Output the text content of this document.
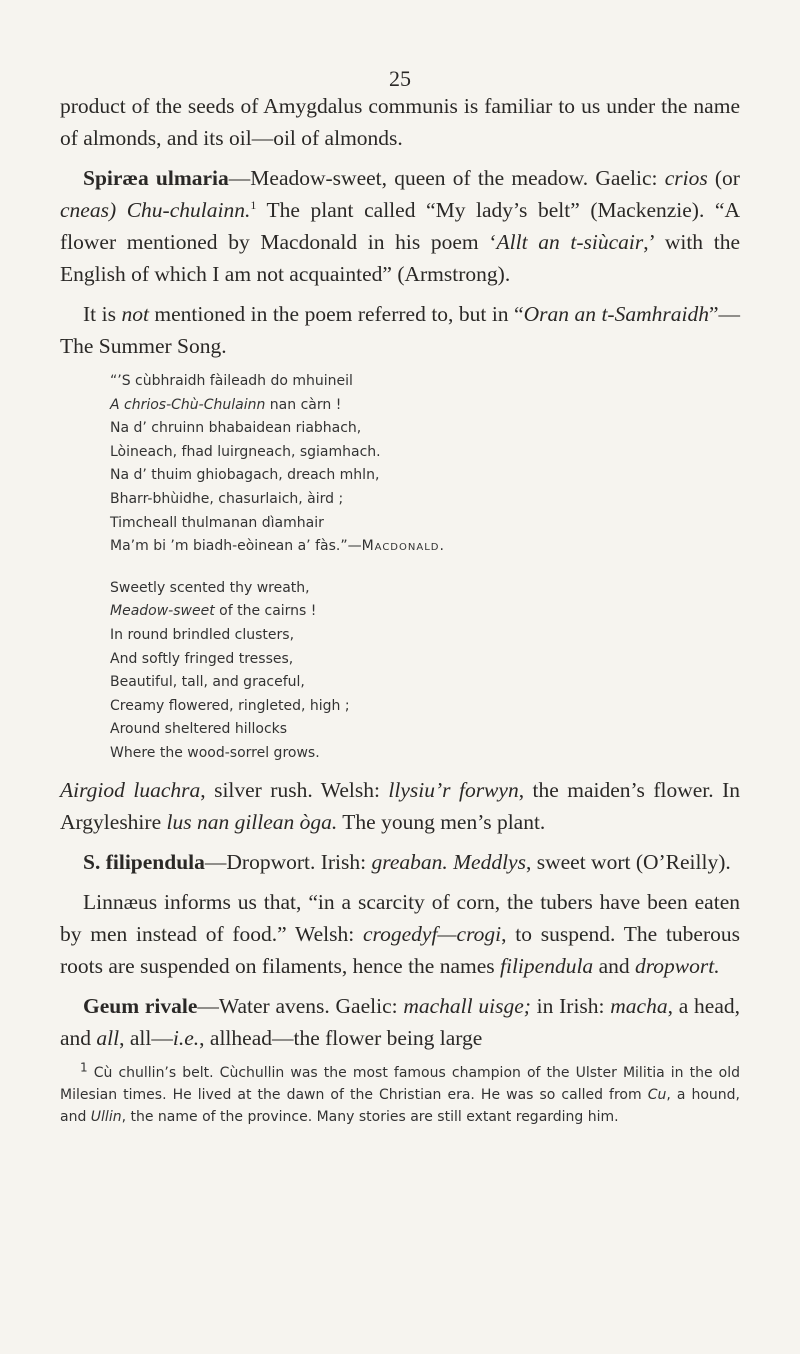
25

product of the seeds of Amygdalus communis is familiar to us under the name of almonds, and its oil—oil of almonds.

Spiræa ulmaria—Meadow-sweet, queen of the meadow. Gaelic: crios (or cneas) Chu-chulainn.$^1$ The plant called “My lady’s belt” (Mackenzie). “A flower mentioned by Macdonald in his poem ‘Allt an t-siùcair,’ with the English of which I am not acquainted” (Armstrong).

It is not mentioned in the poem referred to, but in “Oran an t-Samhraidh”—The Summer Song.

“’S cùbhraidh fàileadh do mhuineil
A chrios-Chù-Chulainn nan càrn !
Na d’ chruinn bhabaidean riabhach,
Lòineach, fhad luirgneach, sgiamhach.
Na d’ thuim ghiobagach, dreach mhln,
Bharr-bhùidhe, chasurlaich, àird ;
Timcheall thulmanan dìamhair
Ma’m bi ’m biadh-eòinean a’ fàs.”—Macdonald.
Sweetly scented thy wreath,
Meadow-sweet of the cairns !
In round brindled clusters,
And softly fringed tresses,
Beautiful, tall, and graceful,
Creamy flowered, ringleted, high ;
Around sheltered hillocks
Where the wood-sorrel grows.

Airgiod luachra, silver rush. Welsh: llysiu’r forwyn, the maiden’s flower. In Argyleshire lus nan gillean òga. The young men’s plant.

S. filipendula—Dropwort. Irish: greaban. Meddlys, sweet wort (O’Reilly).

Linnæus informs us that, “in a scarcity of corn, the tubers have been eaten by men instead of food.” Welsh: crogedyf—crogi, to suspend. The tuberous roots are suspended on filaments, hence the names filipendula and dropwort.

Geum rivale—Water avens. Gaelic: machall uisge; in Irish: macha, a head, and all, all—i.e., allhead—the flower being large

$^1$ Cù chullin’s belt. Cùchullin was the most famous champion of the Ulster Militia in the old Milesian times. He lived at the dawn of the Christian era. He was so called from Cu, a hound, and Ullin, the name of the province. Many stories are still extant regarding him.
